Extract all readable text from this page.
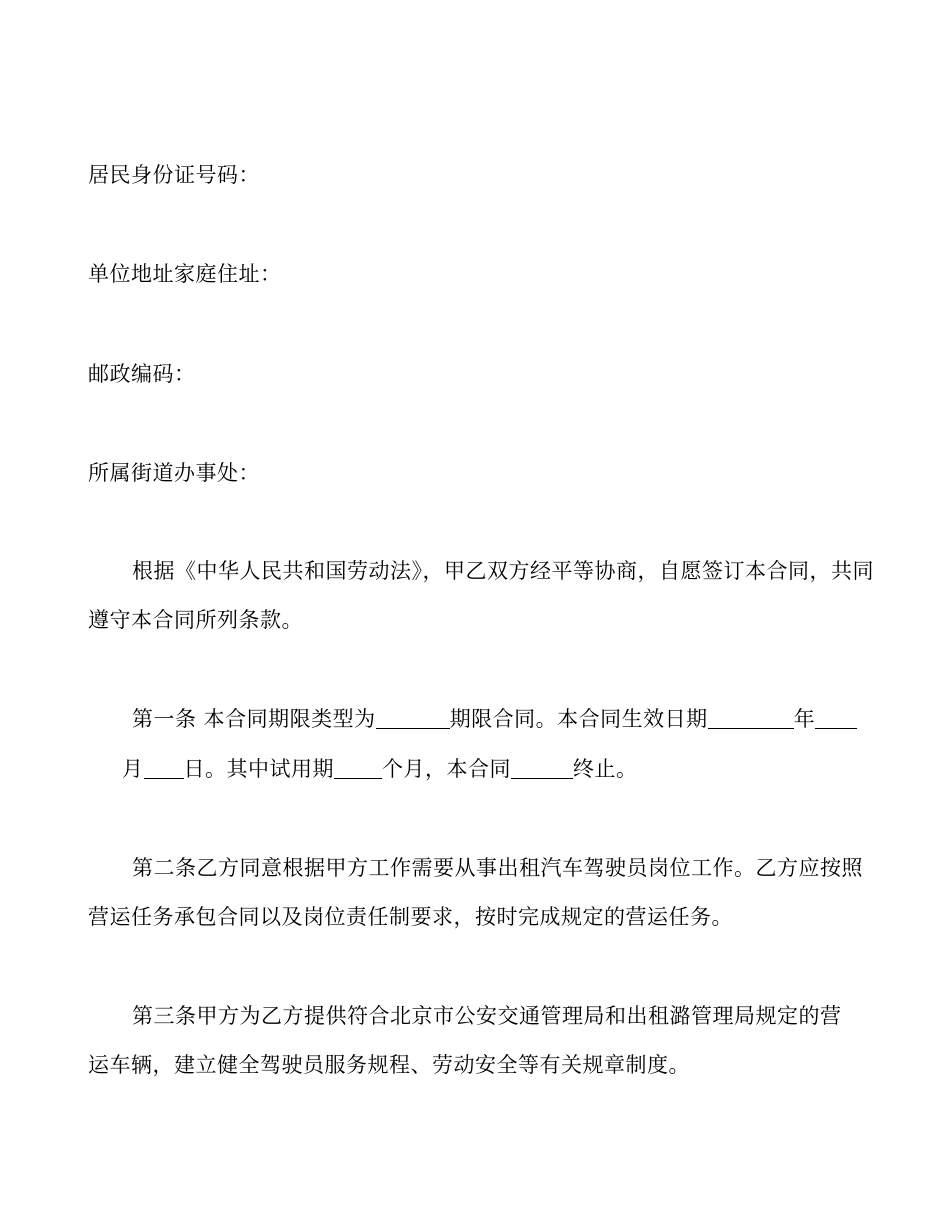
居民身份证号码：
单位地址家庭住址：
邮政编码：
所属街道办事处：
根据《中华人民共和国劳动法》，甲乙双方经平等协商，自愿签订本合同，共同
遵守本合同所列条款。
第一条 本合同期限类型为	期限合同。本合同生效日期	年
月 日。其中试用期 个月，本合同	终止。
第二条乙方同意根据甲方工作需要从事出租汽车驾驶员岗位工作。乙方应按照
营运任务承包合同以及岗位责任制要求，按时完成规定的营运任务。
第三条甲方为乙方提供符合北京市公安交通管理局和出租潞管理局规定的营
运车辆，建立健全驾驶员服务规程、劳动安全等有关规章制度。
